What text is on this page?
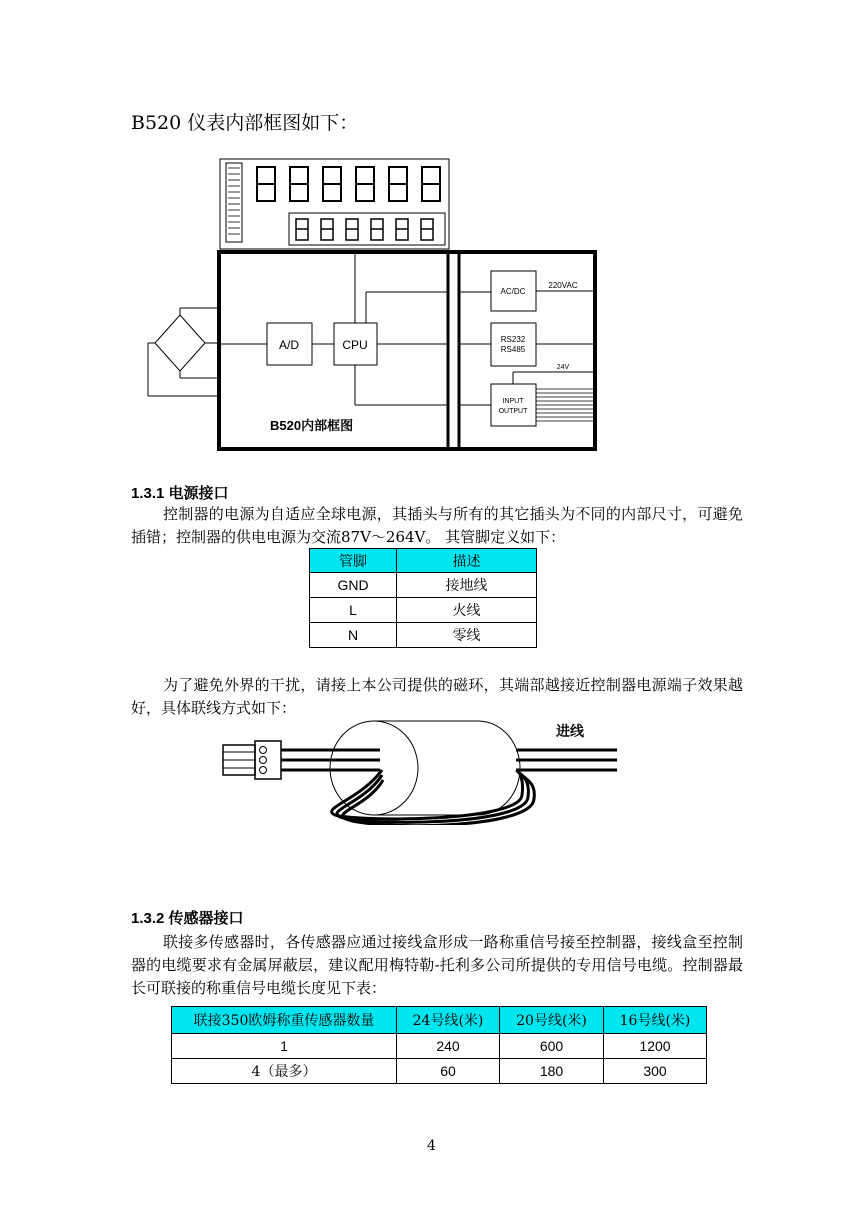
B520 仪表内部框图如下：
A/D	CPU
AC/DC
220VAC
RS232
RS485
24V
INPUT
OUTPUT
B520内部框图
1.3.1 电源接口
控制器的电源为自适应全球电源，其插头与所有的其它插头为不同的内部尺寸，可避免插错；控制器的供电电源为交流87V～264V。 其管脚定义如下：
管脚	描述
GND	接地线
L	火线
N	零线
为了避免外界的干扰，请接上本公司提供的磁环，其端部越接近控制器电源端子效果越好，具体联线方式如下：
进线
1.3.2 传感器接口
联接多传感器时，各传感器应通过接线盒形成一路称重信号接至控制器，接线盒至控制器的电缆要求有金属屏蔽层，建议配用梅特勒-托利多公司所提供的专用信号电缆。控制器最长可联接的称重信号电缆长度见下表：
联接350欧姆称重传感器数量	24号线(米)	20号线(米)	16号线(米)
1	240	600	1200
4（最多）	60	180	300
4
